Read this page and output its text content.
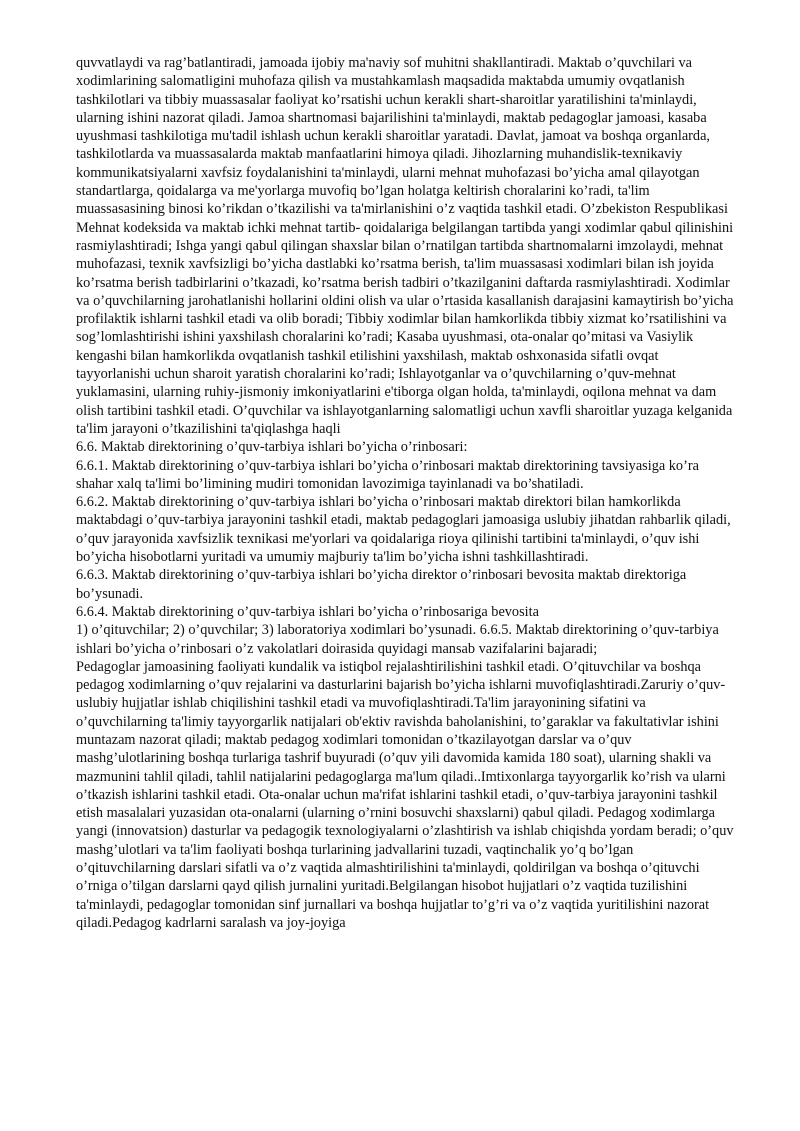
quvvatlaydi va rag’batlantiradi, jamoada ijobiy ma'naviy sof muhitni shakllantiradi. Maktab o’quvchilari va xodimlarining salomatligini muhofaza qilish va mustahkamlash maqsadida maktabda umumiy ovqatlanish tashkilotlari va tibbiy muassasalar faoliyat ko’rsatishi uchun kerakli shart-sharoitlar yaratilishini ta'minlaydi, ularning ishini nazorat qiladi. Jamoa shartnomasi bajarilishini ta'minlaydi, maktab pedagoglar jamoasi, kasaba uyushmasi tashkilotiga mu'tadil ishlash uchun kerakli sharoitlar yaratadi. Davlat, jamoat va boshqa organlarda, tashkilotlarda va muassasalarda maktab manfaatlarini himoya qiladi. Jihozlarning muhandislik-texnikaviy kommunikatsiyalarni xavfsiz foydalanishini ta'minlaydi, ularni mehnat muhofazasi bo’yicha amal qilayotgan standartlarga, qoidalarga va me'yorlarga muvofiq bo’lgan holatga keltirish choralarini ko’radi, ta'lim muassasasining binosi ko’rikdan o’tkazilishi va ta'mirlanishini o’z vaqtida tashkil etadi. O’zbekiston Respublikasi Mehnat kodeksida va maktab ichki mehnat tartib- qoidalariga belgilangan tartibda yangi xodimlar qabul qilinishini rasmiylashtiradi; Ishga yangi qabul qilingan shaxslar bilan o’rnatilgan tartibda shartnomalarni imzolaydi, mehnat muhofazasi, texnik xavfsizligi bo’yicha dastlabki ko’rsatma berish, ta'lim muassasasi xodimlari bilan ish joyida ko’rsatma berish tadbirlarini o’tkazadi, ko’rsatma berish tadbiri o’tkazilganini daftarda rasmiylashtiradi. Xodimlar va o’quvchilarning jarohatlanishi hollarini oldini olish va ular o’rtasida kasallanish darajasini kamaytirish bo’yicha profilaktik ishlarni tashkil etadi va olib boradi; Tibbiy xodimlar bilan hamkorlikda tibbiy xizmat ko’rsatilishini va sog’lomlashtirishi ishini yaxshilash choralarini ko’radi; Kasaba uyushmasi, ota-onalar qo’mitasi va Vasiylik kengashi bilan hamkorlikda ovqatlanish tashkil etilishini yaxshilash, maktab oshxonasida sifatli ovqat tayyorlanishi uchun sharoit yaratish choralarini ko’radi; Ishlayotganlar va o’quvchilarning o’quv-mehnat yuklamasini, ularning ruhiy-jismoniy imkoniyatlarini e'tiborga olgan holda, ta'minlaydi, oqilona mehnat va dam olish tartibini tashkil etadi. O’quvchilar va ishlayotganlarning salomatligi uchun xavfli sharoitlar yuzaga kelganida ta'lim jarayoni o’tkazilishini ta'qiqlashga haqli

6.6. Maktab direktorining o’quv-tarbiya ishlari bo’yicha o’rinbosari:

6.6.1. Maktab direktorining o’quv-tarbiya ishlari bo’yicha o’rinbosari maktab direktorining tavsiyasiga ko’ra shahar xalq ta'limi bo’limining mudiri tomonidan lavozimiga tayinlanadi va bo’shatiladi.

6.6.2. Maktab direktorining o’quv-tarbiya ishlari bo’yicha o’rinbosari maktab direktori bilan hamkorlikda maktabdagi o’quv-tarbiya jarayonini tashkil etadi, maktab pedagoglari jamoasiga uslubiy jihatdan rahbarlik qiladi, o’quv jarayonida xavfsizlik texnikasi me'yorlari va qoidalariga rioya qilinishi tartibini ta'minlaydi, o’quv ishi bo’yicha hisobotlarni yuritadi va umumiy majburiy ta'lim bo’yicha ishni tashkillashtiradi.

6.6.3. Maktab direktorining o’quv-tarbiya ishlari bo’yicha direktor o’rinbosari bevosita maktab direktoriga bo’ysunadi.

6.6.4. Maktab direktorining o’quv-tarbiya ishlari bo’yicha o’rinbosariga bevosita

1) o’qituvchilar; 2) o’quvchilar; 3) laboratoriya xodimlari bo’ysunadi. 6.6.5. Maktab direktorining o’quv-tarbiya ishlari bo’yicha o’rinbosari o’z vakolatlari doirasida quyidagi mansab vazifalarini bajaradi;

Pedagoglar jamoasining faoliyati kundalik va istiqbol rejalashtirilishini tashkil etadi. O’qituvchilar va boshqa pedagog xodimlarning o’quv rejalarini va dasturlarini bajarish bo’yicha ishlarni muvofiqlashtiradi.Zaruriy o’quv-uslubiy hujjatlar ishlab chiqilishini tashkil etadi va muvofiqlashtiradi.Ta'lim jarayonining sifatini va o’quvchilarning ta'limiy tayyorgarlik natijalari ob'ektiv ravishda baholanishini, to’garaklar va fakultativlar ishini muntazam nazorat qiladi; maktab pedagog xodimlari tomonidan o’tkazilayotgan darslar va o’quv mashg’ulotlarining boshqa turlariga tashrif buyuradi (o’quv yili davomida kamida 180 soat), ularning shakli va mazmunini tahlil qiladi, tahlil natijalarini pedagoglarga ma'lum qiladi..Imtixonlarga tayyorgarlik ko’rish va ularni o’tkazish ishlarini tashkil etadi. Ota-onalar uchun ma'rifat ishlarini tashkil etadi, o’quv-tarbiya jarayonini tashkil etish masalalari yuzasidan ota-onalarni (ularning o’rnini bosuvchi shaxslarni) qabul qiladi. Pedagog xodimlarga yangi (innovatsion) dasturlar va pedagogik texnologiyalarni o’zlashtirish va ishlab chiqishda yordam beradi; o’quv mashg’ulotlari va ta'lim faoliyati boshqa turlarining jadvallarini tuzadi, vaqtinchalik yo’q bo’lgan o’qituvchilarning darslari sifatli va o’z vaqtida almashtirilishini ta'minlaydi, qoldirilgan va boshqa o’qituvchi o’rniga o’tilgan darslarni qayd qilish jurnalini yuritadi.Belgilangan hisobot hujjatlari o’z vaqtida tuzilishini ta'minlaydi, pedagoglar tomonidan sinf jurnallari va boshqa hujjatlar to’g’ri va o’z vaqtida yuritilishini nazorat qiladi.Pedagog kadrlarni saralash va joy-joyiga
